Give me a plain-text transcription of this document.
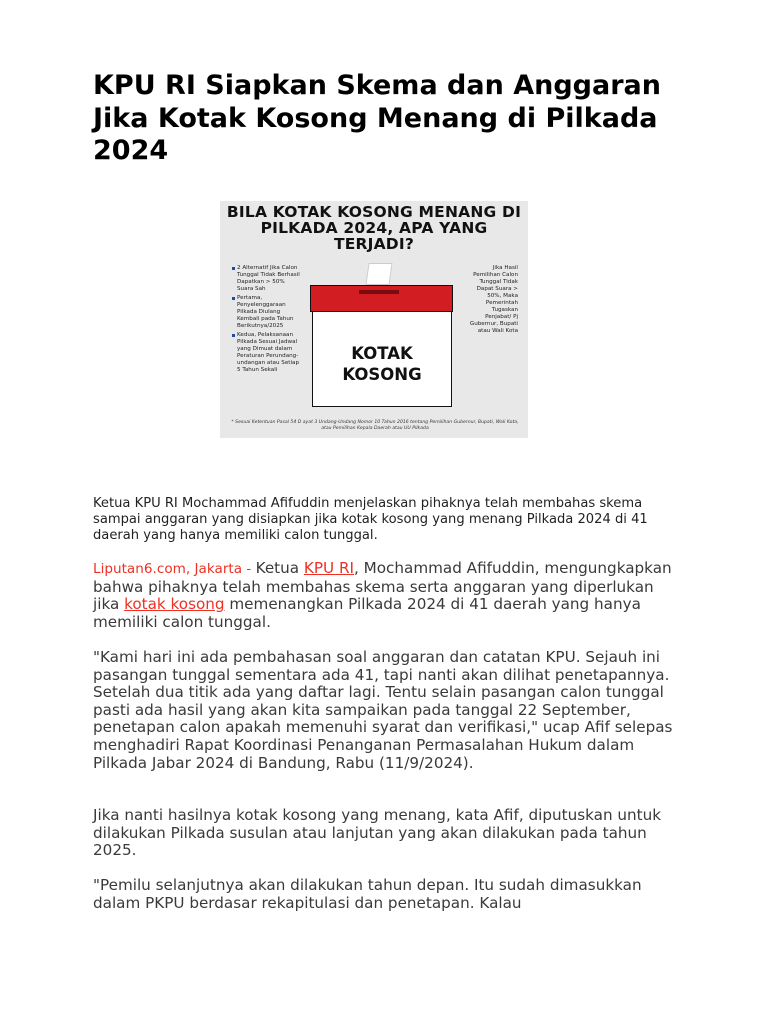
KPU RI Siapkan Skema dan Anggaran Jika Kotak Kosong Menang di Pilkada 2024
BILA KOTAK KOSONG MENANG DI PILKADA 2024, APA YANG TERJADI?
2 Alternatif Jika Calon Tunggal Tidak Berhasil Dapatkan > 50% Suara Sah
Pertama, Penyelenggaraan Pilkada Diulang Kembali pada Tahun Berikutnya/2025
Kedua, Pelaksanaan Pilkada Sesuai Jadwal yang Dimuat dalam Peraturan Perundang-undangan atau Setiap 5 Tahun Sekali
Jika Hasil Pemilihan Calon Tunggal Tidak Dapat Suara > 50%, Maka Pemerintah Tugaskan Penjabat/ Pj Gubernur, Bupati atau Wali Kota
KOTAK KOSONG
* Sesuai Ketentuan Pasal 54 D ayat 3 Undang-Undang Nomor 10 Tahun 2016 tentang Pemilihan Gubernur, Bupati, Wali Kota, atau Pemilihan Kepala Daerah atau UU Pilkada

Ketua KPU RI Mochammad Afifuddin menjelaskan pihaknya telah membahas skema sampai anggaran yang disiapkan jika kotak kosong yang menang Pilkada 2024 di 41 daerah yang hanya memiliki calon tunggal.

Liputan6.com, Jakarta - Ketua KPU RI, Mochammad Afifuddin, mengungkapkan bahwa pihaknya telah membahas skema serta anggaran yang diperlukan jika kotak kosong memenangkan Pilkada 2024 di 41 daerah yang hanya memiliki calon tunggal.

"Kami hari ini ada pembahasan soal anggaran dan catatan KPU. Sejauh ini pasangan tunggal sementara ada 41, tapi nanti akan dilihat penetapannya. Setelah dua titik ada yang daftar lagi. Tentu selain pasangan calon tunggal pasti ada hasil yang akan kita sampaikan pada tanggal 22 September, penetapan calon apakah memenuhi syarat dan verifikasi," ucap Afif selepas menghadiri Rapat Koordinasi Penanganan Permasalahan Hukum dalam Pilkada Jabar 2024 di Bandung, Rabu (11/9/2024).

Jika nanti hasilnya kotak kosong yang menang, kata Afif, diputuskan untuk dilakukan Pilkada susulan atau lanjutan yang akan dilakukan pada tahun 2025.

"Pemilu selanjutnya akan dilakukan tahun depan. Itu sudah dimasukkan dalam PKPU berdasar rekapitulasi dan penetapan. Kalau
